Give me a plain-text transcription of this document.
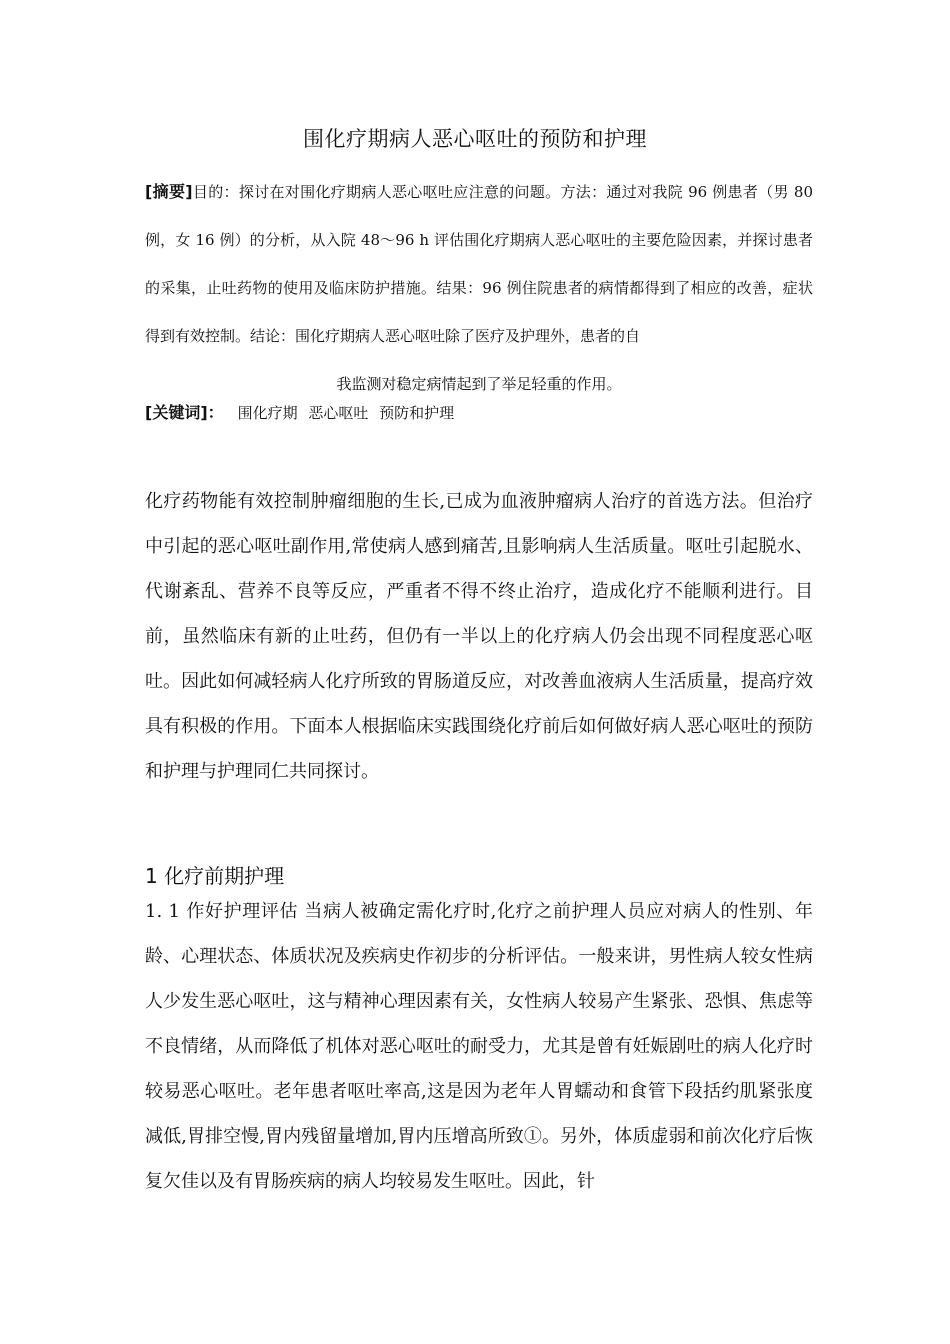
围化疗期病人恶心呕吐的预防和护理
[摘要]目的：探讨在对围化疗期病人恶心呕吐应注意的问题。方法：通过对我院 96 例患者（男 80 例，女 16 例）的分析，从入院 48～96 h 评估围化疗期病人恶心呕吐的主要危险因素，并探讨患者的采集，止吐药物的使用及临床防护措施。结果：96 例住院患者的病情都得到了相应的改善，症状得到有效控制。结论：围化疗期病人恶心呕吐除了医疗及护理外，患者的自
我监测对稳定病情起到了举足轻重的作用。
[关键词]： 围化疗期 恶心呕吐 预防和护理
化疗药物能有效控制肿瘤细胞的生长,已成为血液肿瘤病人治疗的首选方法。但治疗中引起的恶心呕吐副作用,常使病人感到痛苦,且影响病人生活质量。呕吐引起脱水、代谢紊乱、营养不良等反应，严重者不得不终止治疗，造成化疗不能顺利进行。目前，虽然临床有新的止吐药，但仍有一半以上的化疗病人仍会出现不同程度恶心呕吐。因此如何减轻病人化疗所致的胃肠道反应，对改善血液病人生活质量，提高疗效具有积极的作用。下面本人根据临床实践围绕化疗前后如何做好病人恶心呕吐的预防和护理与护理同仁共同探讨。
1 化疗前期护理
1. 1 作好护理评估 当病人被确定需化疗时,化疗之前护理人员应对病人的性别、年龄、心理状态、体质状况及疾病史作初步的分析评估。一般来讲，男性病人较女性病人少发生恶心呕吐，这与精神心理因素有关，女性病人较易产生紧张、恐惧、焦虑等不良情绪，从而降低了机体对恶心呕吐的耐受力，尤其是曾有妊娠剧吐的病人化疗时较易恶心呕吐。老年患者呕吐率高,这是因为老年人胃蠕动和食管下段括约肌紧张度减低,胃排空慢,胃内残留量增加,胃内压增高所致①。另外，体质虚弱和前次化疗后恢复欠佳以及有胃肠疾病的病人均较易发生呕吐。因此，针
